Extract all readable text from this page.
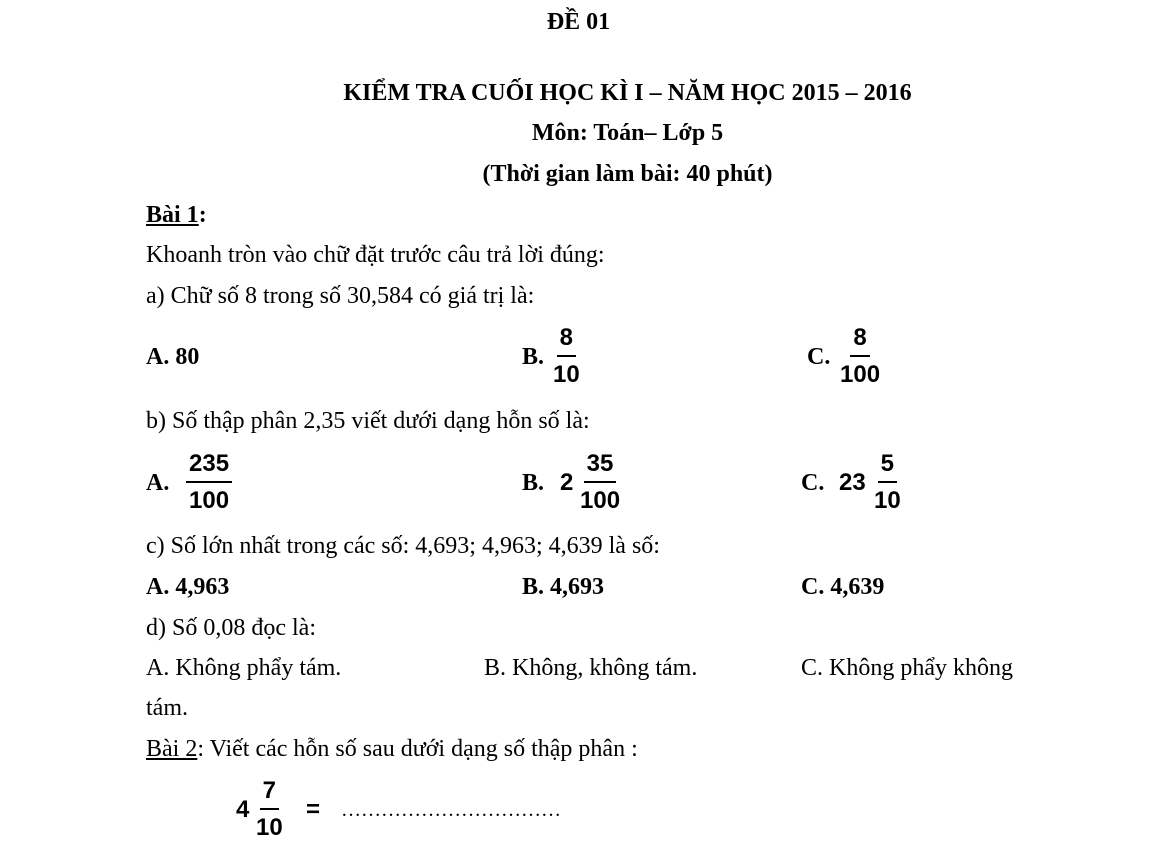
ĐỀ 01
KIỂM TRA CUỐI HỌC KÌ I – NĂM HỌC 2015 – 2016
Môn: Toán– Lớp 5
(Thời gian làm bài: 40 phút)
Bài 1:
Khoanh tròn vào chữ đặt trước câu trả lời đúng:
a) Chữ số 8 trong số 30,584 có giá trị là:
A. 80	B. $\frac{8}{10}$	C. $\frac{8}{100}$
b) Số thập phân 2,35 viết dưới dạng hỗn số là:
A. $\frac{235}{100}$	B. $2 \frac{35}{100}$	C. $23 \frac{5}{10}$
c) Số lớn nhất trong các số: 4,693; 4,963; 4,639 là số:
A. 4,963	B. 4,693	C. 4,639
d) Số 0,08 đọc là:
A. Không phẩy tám.	B. Không, không tám.	C. Không phẩy không
tám.
Bài 2: Viết các hỗn số sau dưới dạng số thập phân :
$4 \frac{7}{10}$ = ……………………………
